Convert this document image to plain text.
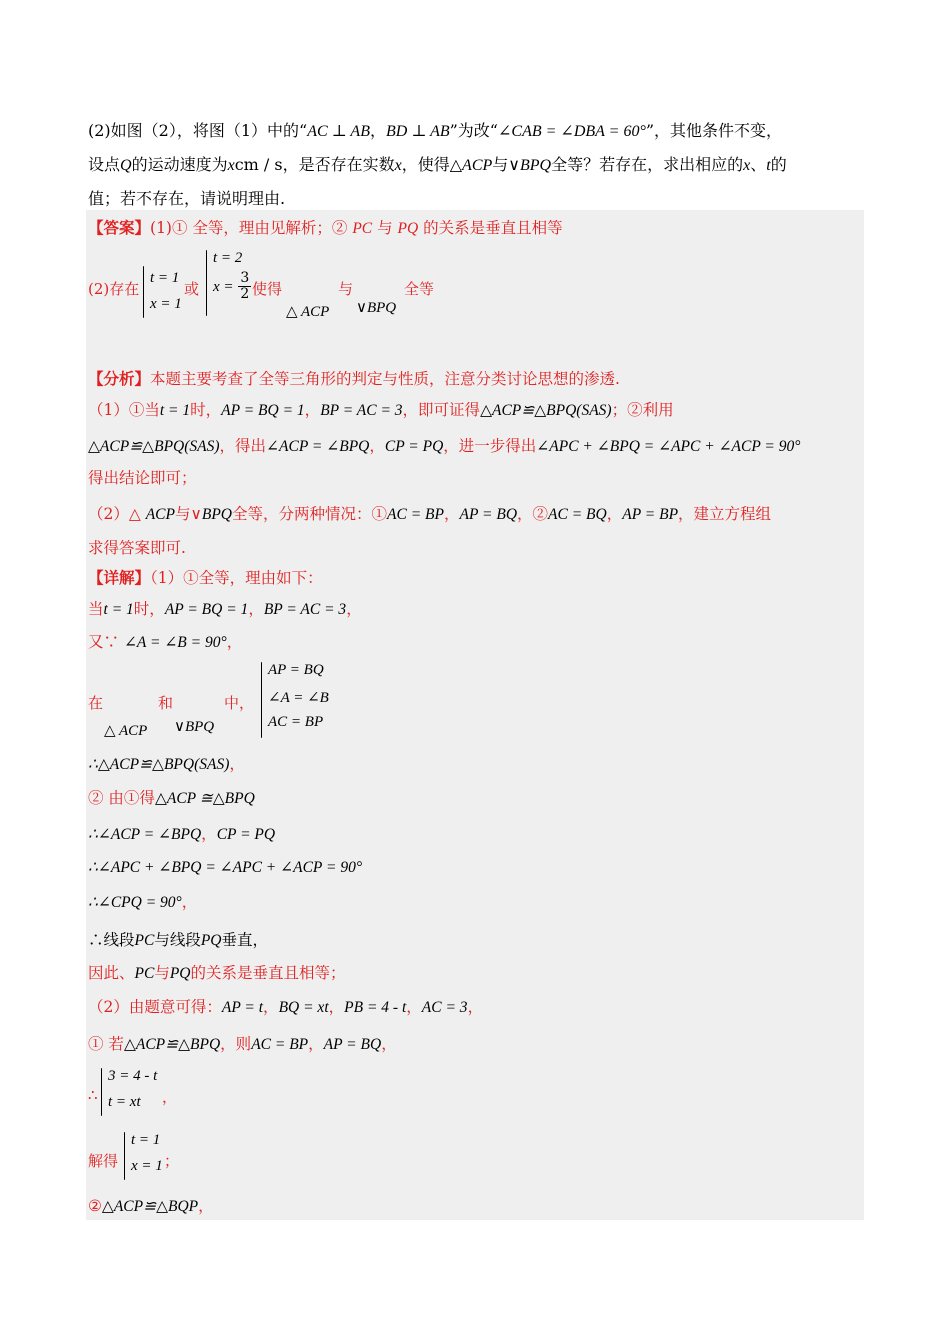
(2)如图（2），将图（1）中的“AC ⊥ AB，BD ⊥ AB”为改“∠CAB = ∠DBA = 60°”，其他条件不变，
设点Q的运动速度为xcm / s，是否存在实数x，使得△ACP与∨BPQ全等？若存在，求出相应的x、t的
值；若不存在，请说明理由.
【答案】(1)① 全等，理由见解析；② PC 与 PQ 的关系是垂直且相等
(2)存在
t = 1
x = 1
或
t = 2
$x = \frac{3}{2}$ 使得	与	全等
△ ACP ∨BPQ
【分析】本题主要考查了全等三角形的判定与性质，注意分类讨论思想的渗透.
（1）①当t = 1时，AP = BQ = 1，BP = AC = 3，即可证得△ACP≌△BPQ(SAS)；②利用
△ACP≌△BPQ(SAS)，得出∠ACP = ∠BPQ，CP = PQ，进一步得出∠APC + ∠BPQ = ∠APC + ∠ACP = 90°
得出结论即可；
（2）△ ACP与∨BPQ全等，分两种情况：①AC = BP，AP = BQ，②AC = BQ，AP = BP，建立方程组
求得答案即可.
【详解】（1）①全等，理由如下：
当t = 1时，AP = BQ = 1，BP = AC = 3，
又∵ ∠A = ∠B = 90°，
在	和	中，
△ ACP ∨BPQ
AP = BQ
∠A = ∠B
AC = BP
∴△ACP≌△BPQ(SAS)，
② 由①得△ACP ≅△BPQ
∴∠ACP = ∠BPQ，CP = PQ
∴∠APC + ∠BPQ = ∠APC + ∠ACP = 90°
∴∠CPQ = 90°，
∴线段PC与线段PQ垂直，
因此、PC与PQ的关系是垂直且相等；
（2）由题意可得：AP = t，BQ = xt，PB = 4 - t，AC = 3，
① 若△ACP≌△BPQ，则AC = BP，AP = BQ，
∴
3 = 4 - t
t = xt ，
解得
t = 1
x = 1 ；
②△ACP≌△BQP，
